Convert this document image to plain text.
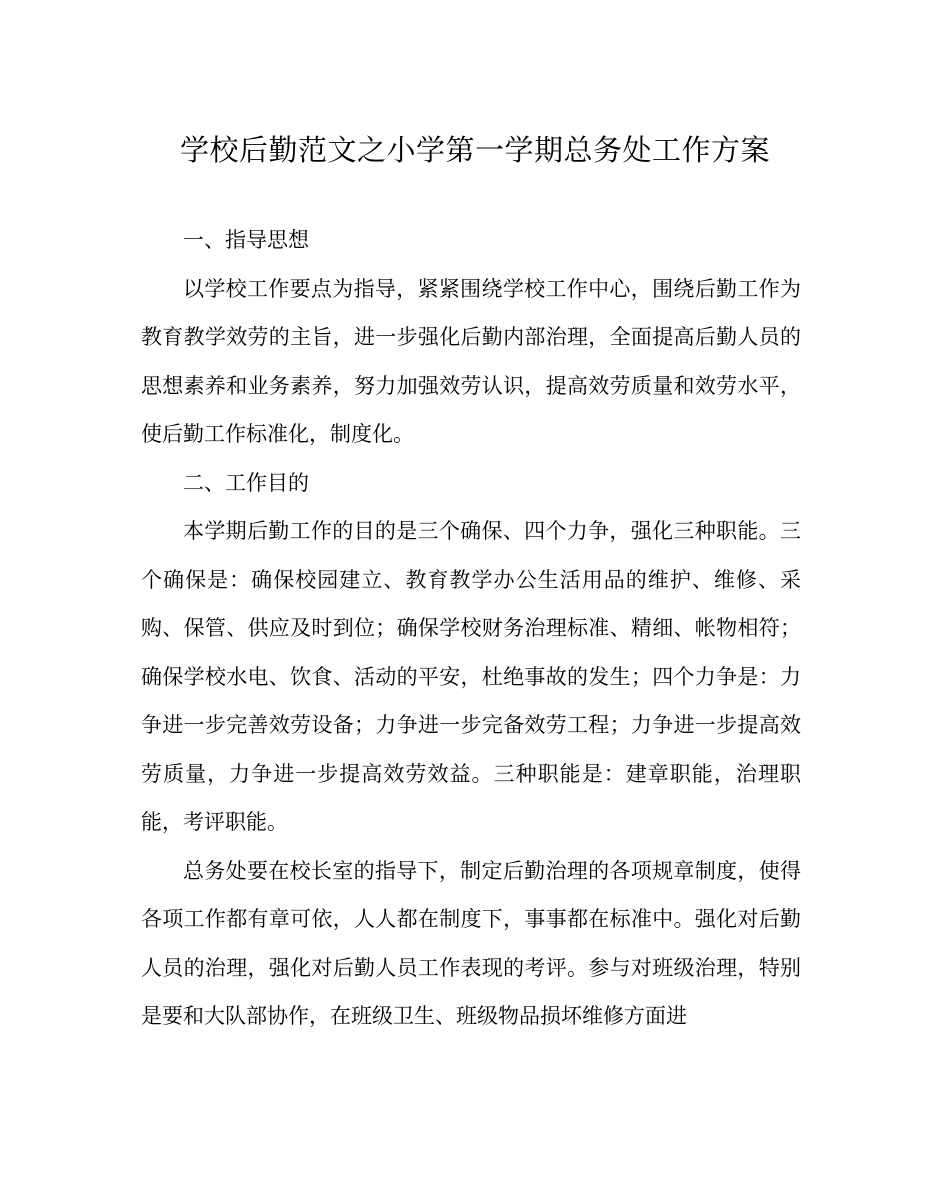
学校后勤范文之小学第一学期总务处工作方案

一、指导思想

以学校工作要点为指导，紧紧围绕学校工作中心，围绕后勤工作为教育教学效劳的主旨，进一步强化后勤内部治理，全面提高后勤人员的思想素养和业务素养，努力加强效劳认识，提高效劳质量和效劳水平，使后勤工作标准化，制度化。

二、工作目的

本学期后勤工作的目的是三个确保、四个力争，强化三种职能。三个确保是：确保校园建立、教育教学办公生活用品的维护、维修、采购、保管、供应及时到位；确保学校财务治理标准、精细、帐物相符；确保学校水电、饮食、活动的平安，杜绝事故的发生；四个力争是：力争进一步完善效劳设备；力争进一步完备效劳工程；力争进一步提高效劳质量，力争进一步提高效劳效益。三种职能是：建章职能，治理职能，考评职能。

总务处要在校长室的指导下，制定后勤治理的各项规章制度，使得各项工作都有章可依，人人都在制度下，事事都在标准中。强化对后勤人员的治理，强化对后勤人员工作表现的考评。参与对班级治理，特别是要和大队部协作，在班级卫生、班级物品损坏维修方面进
